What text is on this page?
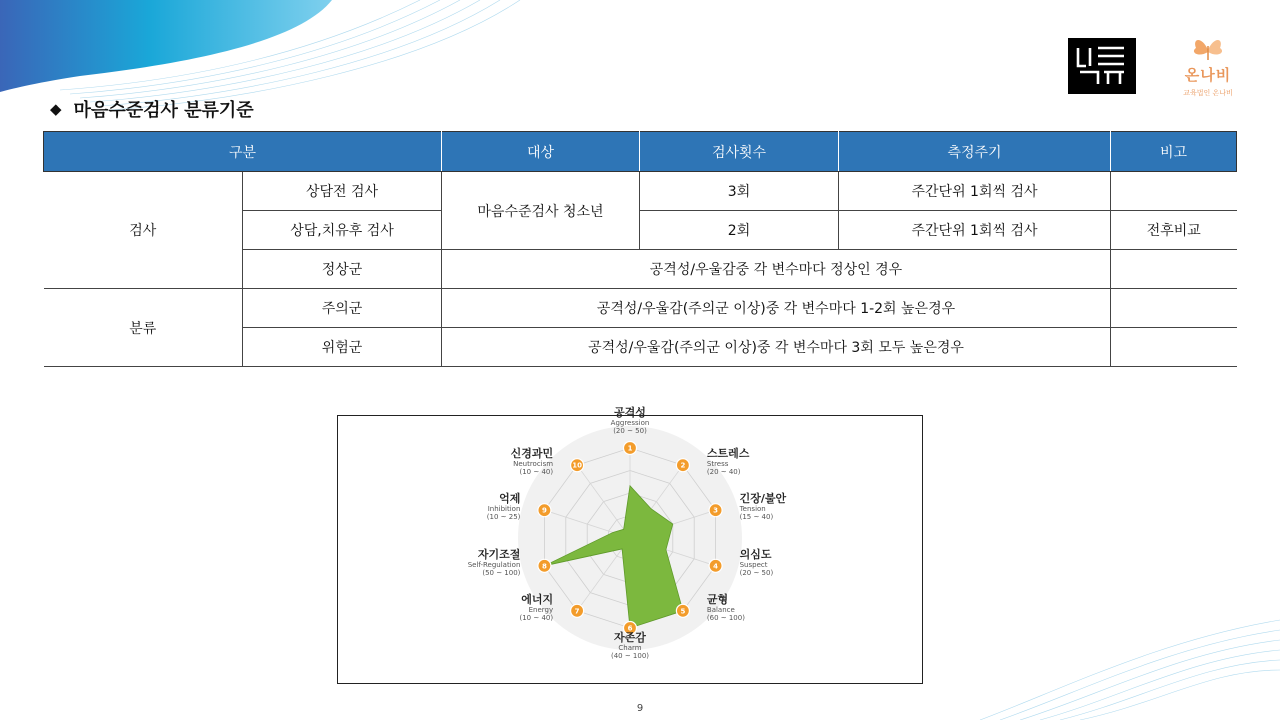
온나비
교육법인 온나비
◆ 마음수준검사 분류기준
구분		대상	검사횟수	측정주기	비고
검사	상담전 검사	마음수준검사 청소년	3회	주간단위 1회씩 검사	
	상담,치유후 검사		2회	주간단위 1회씩 검사	전후비교
	정상군	공격성/우울감중 각 변수마다 정상인 경우			
분류	주의군	공격성/우울감(주의군 이상)중 각 변수마다 1-2회 높은경우			
	위험군	공격성/우울감(주의군 이상)중 각 변수마다 3회 모두 높은경우			
1
공격성
Aggression
(20 ~ 50)
2
스트레스
Stress
(20 ~ 40)
3
긴장/불안
Tension
(15 ~ 40)
4
의심도
Suspect
(20 ~ 50)
5
균형
Balance
(60 ~ 100)
6
자존감
Charm
(40 ~ 100)
7
에너지
Energy
(10 ~ 40)
8
자기조절
Self-Regulation
(50 ~ 100)
9
억제
Inhibition
(10 ~ 25)
10
신경과민
Neutrocism
(10 ~ 40)
9
